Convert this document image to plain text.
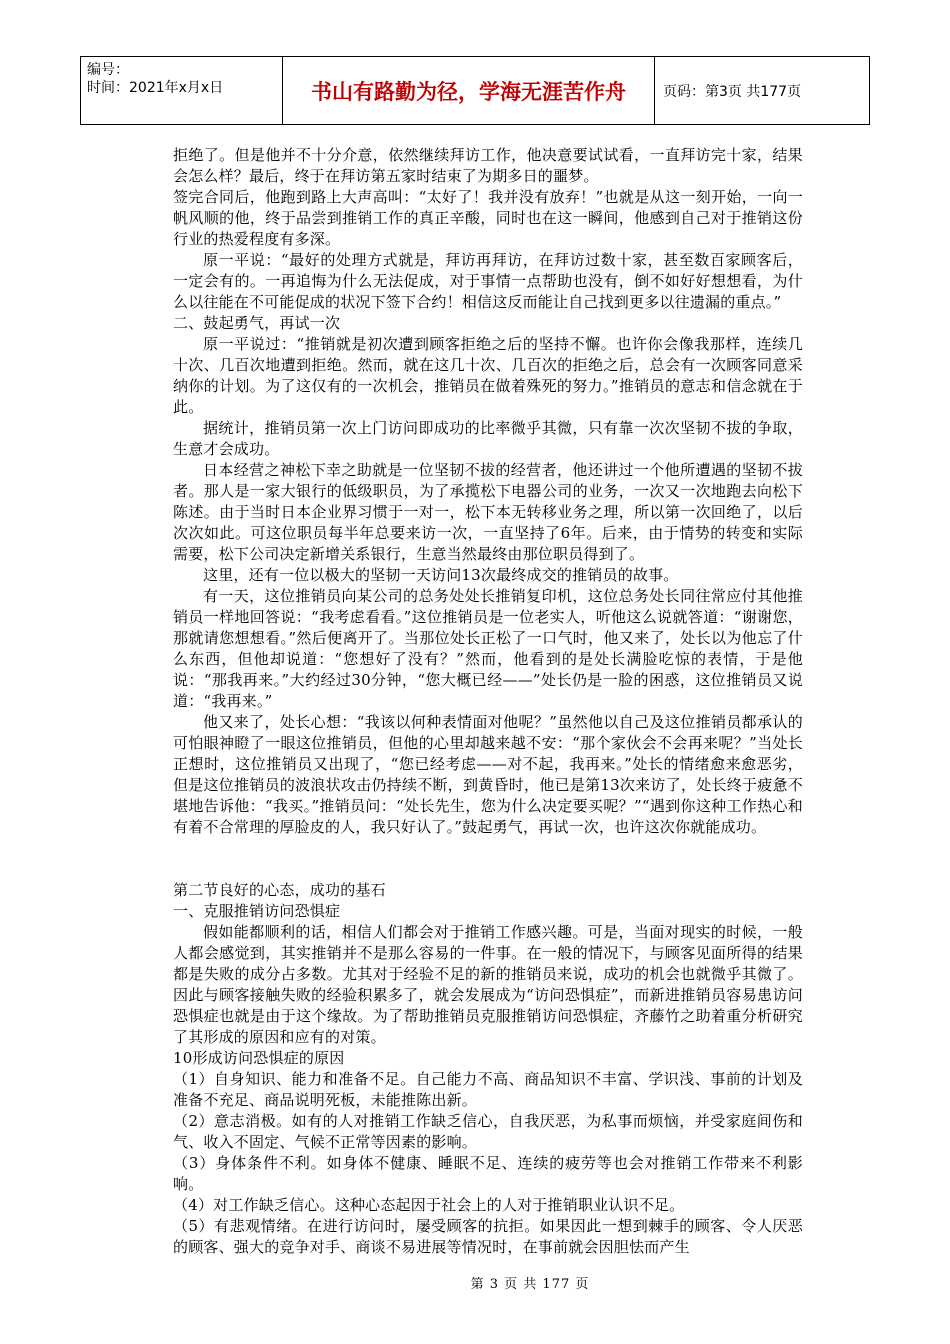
编号：
时间：2021年x月x日	书山有路勤为径，学海无涯苦作舟	页码：第3页 共177页

拒绝了。但是他并不十分介意，依然继续拜访工作，他决意要试试看，一直拜访完十家，结果会怎么样？最后，终于在拜访第五家时结束了为期多日的噩梦。

签完合同后，他跑到路上大声高叫：“太好了！我并没有放弃！”也就是从这一刻开始，一向一帆风顺的他，终于品尝到推销工作的真正辛酸，同时也在这一瞬间，他感到自己对于推销这份行业的热爱程度有多深。

原一平说：“最好的处理方式就是，拜访再拜访，在拜访过数十家，甚至数百家顾客后，一定会有的。一再追悔为什么无法促成，对于事情一点帮助也没有，倒不如好好想想看，为什么以往能在不可能促成的状况下签下合约！相信这反而能让自己找到更多以往遗漏的重点。”

二、鼓起勇气，再试一次

原一平说过：“推销就是初次遭到顾客拒绝之后的坚持不懈。也许你会像我那样，连续几十次、几百次地遭到拒绝。然而，就在这几十次、几百次的拒绝之后，总会有一次顾客同意采纳你的计划。为了这仅有的一次机会，推销员在做着殊死的努力。”推销员的意志和信念就在于此。

据统计，推销员第一次上门访问即成功的比率微乎其微，只有靠一次次坚韧不拔的争取，生意才会成功。

日本经营之神松下幸之助就是一位坚韧不拔的经营者，他还讲过一个他所遭遇的坚韧不拔者。那人是一家大银行的低级职员，为了承揽松下电器公司的业务，一次又一次地跑去向松下陈述。由于当时日本企业界习惯于一对一，松下本无转移业务之理，所以第一次回绝了，以后次次如此。可这位职员每半年总要来访一次，一直坚持了6年。后来，由于情势的转变和实际需要，松下公司决定新增关系银行，生意当然最终由那位职员得到了。

这里，还有一位以极大的坚韧一天访问13次最终成交的推销员的故事。

有一天，这位推销员向某公司的总务处处长推销复印机，这位总务处长同往常应付其他推销员一样地回答说：“我考虑看看。”这位推销员是一位老实人，听他这么说就答道：“谢谢您，那就请您想想看。”然后便离开了。当那位处长正松了一口气时，他又来了，处长以为他忘了什么东西，但他却说道：“您想好了没有？”然而，他看到的是处长满脸吃惊的表情，于是他说：“那我再来。”大约经过30分钟，“您大概已经——”处长仍是一脸的困惑，这位推销员又说道：“我再来。”

他又来了，处长心想：“我该以何种表情面对他呢？”虽然他以自己及这位推销员都承认的可怕眼神瞪了一眼这位推销员，但他的心里却越来越不安：“那个家伙会不会再来呢？”当处长正想时，这位推销员又出现了，“您已经考虑——对不起，我再来。”处长的情绪愈来愈恶劣，但是这位推销员的波浪状攻击仍持续不断，到黄昏时，他已是第13次来访了，处长终于疲惫不堪地告诉他：“我买。”推销员问：“处长先生，您为什么决定要买呢？”“遇到你这种工作热心和有着不合常理的厚脸皮的人，我只好认了。”鼓起勇气，再试一次，也许这次你就能成功。

第二节良好的心态，成功的基石

一、克服推销访问恐惧症

假如能都顺利的话，相信人们都会对于推销工作感兴趣。可是，当面对现实的时候，一般人都会感觉到，其实推销并不是那么容易的一件事。在一般的情况下，与顾客见面所得的结果都是失败的成分占多数。尤其对于经验不足的新的推销员来说，成功的机会也就微乎其微了。因此与顾客接触失败的经验积累多了，就会发展成为“访问恐惧症”，而新进推销员容易患访问恐惧症也就是由于这个缘故。为了帮助推销员克服推销访问恐惧症，齐藤竹之助着重分析研究了其形成的原因和应有的对策。

10形成访问恐惧症的原因

（1）自身知识、能力和准备不足。自己能力不高、商品知识不丰富、学识浅、事前的计划及准备不充足、商品说明死板，未能推陈出新。

（2）意志消极。如有的人对推销工作缺乏信心，自我厌恶，为私事而烦恼，并受家庭间伤和气、收入不固定、气候不正常等因素的影响。

（3）身体条件不利。如身体不健康、睡眠不足、连续的疲劳等也会对推销工作带来不利影响。

（4）对工作缺乏信心。这种心态起因于社会上的人对于推销职业认识不足。

（5）有悲观情绪。在进行访问时，屡受顾客的抗拒。如果因此一想到棘手的顾客、令人厌恶的顾客、强大的竞争对手、商谈不易进展等情况时，在事前就会因胆怯而产生

第 3 页 共 177 页
